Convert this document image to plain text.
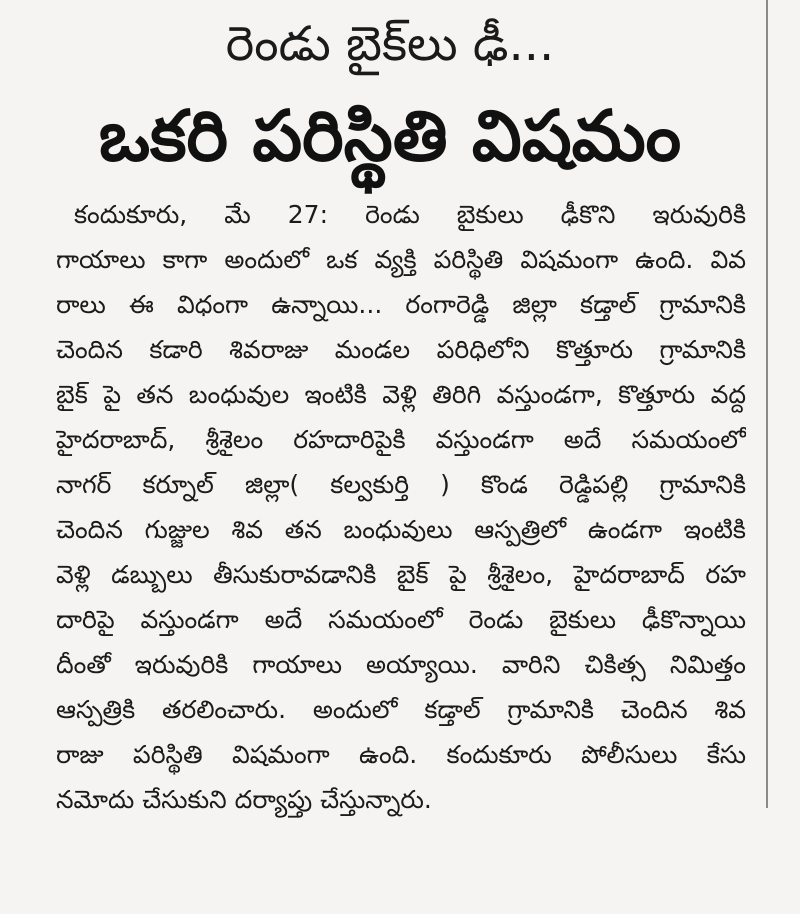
రెండు బైక్‌లు ఢీ...
ఒకరి పరిస్థితి విషమం
కందుకూరు, మే 27: రెండు బైకులు ఢీకొని ఇరువురికి
గాయాలు కాగా అందులో ఒక వ్యక్తి పరిస్థితి విషమంగా ఉంది. వివ
రాలు ఈ విధంగా ఉన్నాయి... రంగారెడ్డి జిల్లా కడ్తాల్ గ్రామానికి
చెందిన కడారి శివరాజు మండల పరిధిలోని కొత్తూరు గ్రామానికి
బైక్ పై తన బంధువుల ఇంటికి వెళ్లి తిరిగి వస్తుండగా, కొత్తూరు వద్ద
హైదరాబాద్, శ్రీశైలం రహదారిపైకి వస్తుండగా అదే సమయంలో
నాగర్ కర్నూల్ జిల్లా( కల్వకుర్తి ) కొండ రెడ్డిపల్లి గ్రామానికి
చెందిన గుజ్జుల శివ తన బంధువులు ఆస్పత్రిలో ఉండగా ఇంటికి
వెళ్లి డబ్బులు తీసుకురావడానికి బైక్ పై శ్రీశైలం, హైదరాబాద్ రహ
దారిపై వస్తుండగా అదే సమయంలో రెండు బైకులు ఢీకొన్నాయి
దీంతో ఇరువురికి గాయాలు అయ్యాయి. వారిని చికిత్స నిమిత్తం
ఆస్పత్రికి తరలించారు. అందులో కడ్తాల్ గ్రామానికి చెందిన శివ
రాజు పరిస్థితి విషమంగా ఉంది. కందుకూరు పోలీసులు కేసు
నమోదు చేసుకుని దర్యాప్తు చేస్తున్నారు.
